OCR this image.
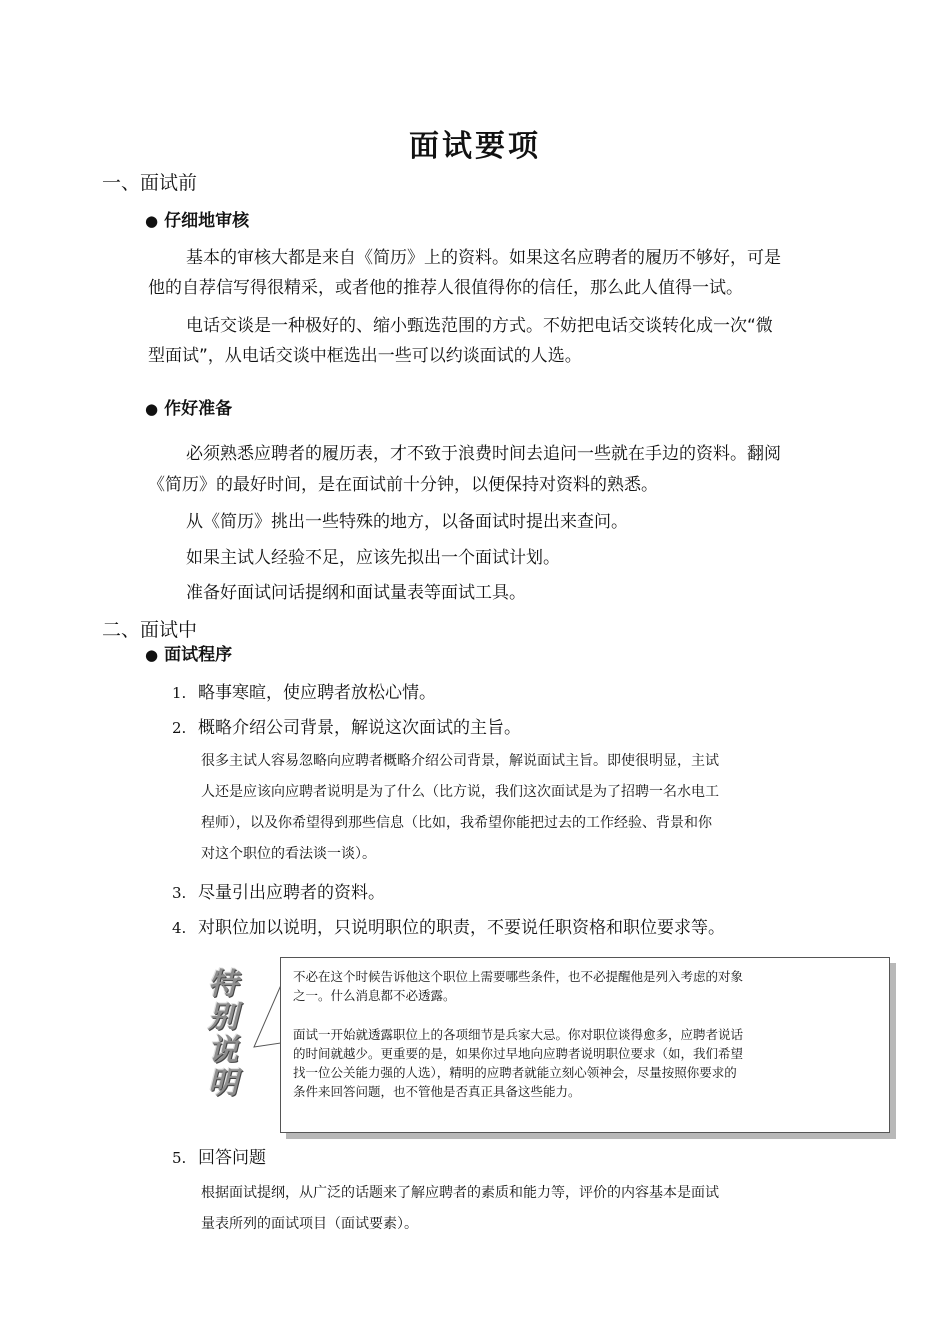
面试要项
一、面试前
● 仔细地审核
基本的审核大都是来自《简历》上的资料。如果这名应聘者的履历不够好，可是
他的自荐信写得很精采，或者他的推荐人很值得你的信任，那么此人值得一试。
电话交谈是一种极好的、缩小甄选范围的方式。不妨把电话交谈转化成一次“微
型面试”，从电话交谈中框选出一些可以约谈面试的人选。
● 作好准备
必须熟悉应聘者的履历表，才不致于浪费时间去追问一些就在手边的资料。翻阅
《简历》的最好时间，是在面试前十分钟，以便保持对资料的熟悉。
从《简历》挑出一些特殊的地方，以备面试时提出来查问。
如果主试人经验不足，应该先拟出一个面试计划。
准备好面试问话提纲和面试量表等面试工具。
二、面试中
● 面试程序
1. 略事寒暄，使应聘者放松心情。
2. 概略介绍公司背景，解说这次面试的主旨。
很多主试人容易忽略向应聘者概略介绍公司背景，解说面试主旨。即使很明显，主试
人还是应该向应聘者说明是为了什么（比方说，我们这次面试是为了招聘一名水电工
程师），以及你希望得到那些信息（比如，我希望你能把过去的工作经验、背景和你
对这个职位的看法谈一谈）。
3. 尽量引出应聘者的资料。
4. 对职位加以说明，只说明职位的职责，不要说任职资格和职位要求等。
特
别
说
明
不必在这个时候告诉他这个职位上需要哪些条件，也不必提醒他是列入考虑的对象
之一。什么消息都不必透露。
面试一开始就透露职位上的各项细节是兵家大忌。你对职位谈得愈多，应聘者说话
的时间就越少。更重要的是，如果你过早地向应聘者说明职位要求（如，我们希望
找一位公关能力强的人选），精明的应聘者就能立刻心领神会，尽量按照你要求的
条件来回答问题，也不管他是否真正具备这些能力。
5. 回答问题
根据面试提纲，从广泛的话题来了解应聘者的素质和能力等，评价的内容基本是面试
量表所列的面试项目（面试要素）。
